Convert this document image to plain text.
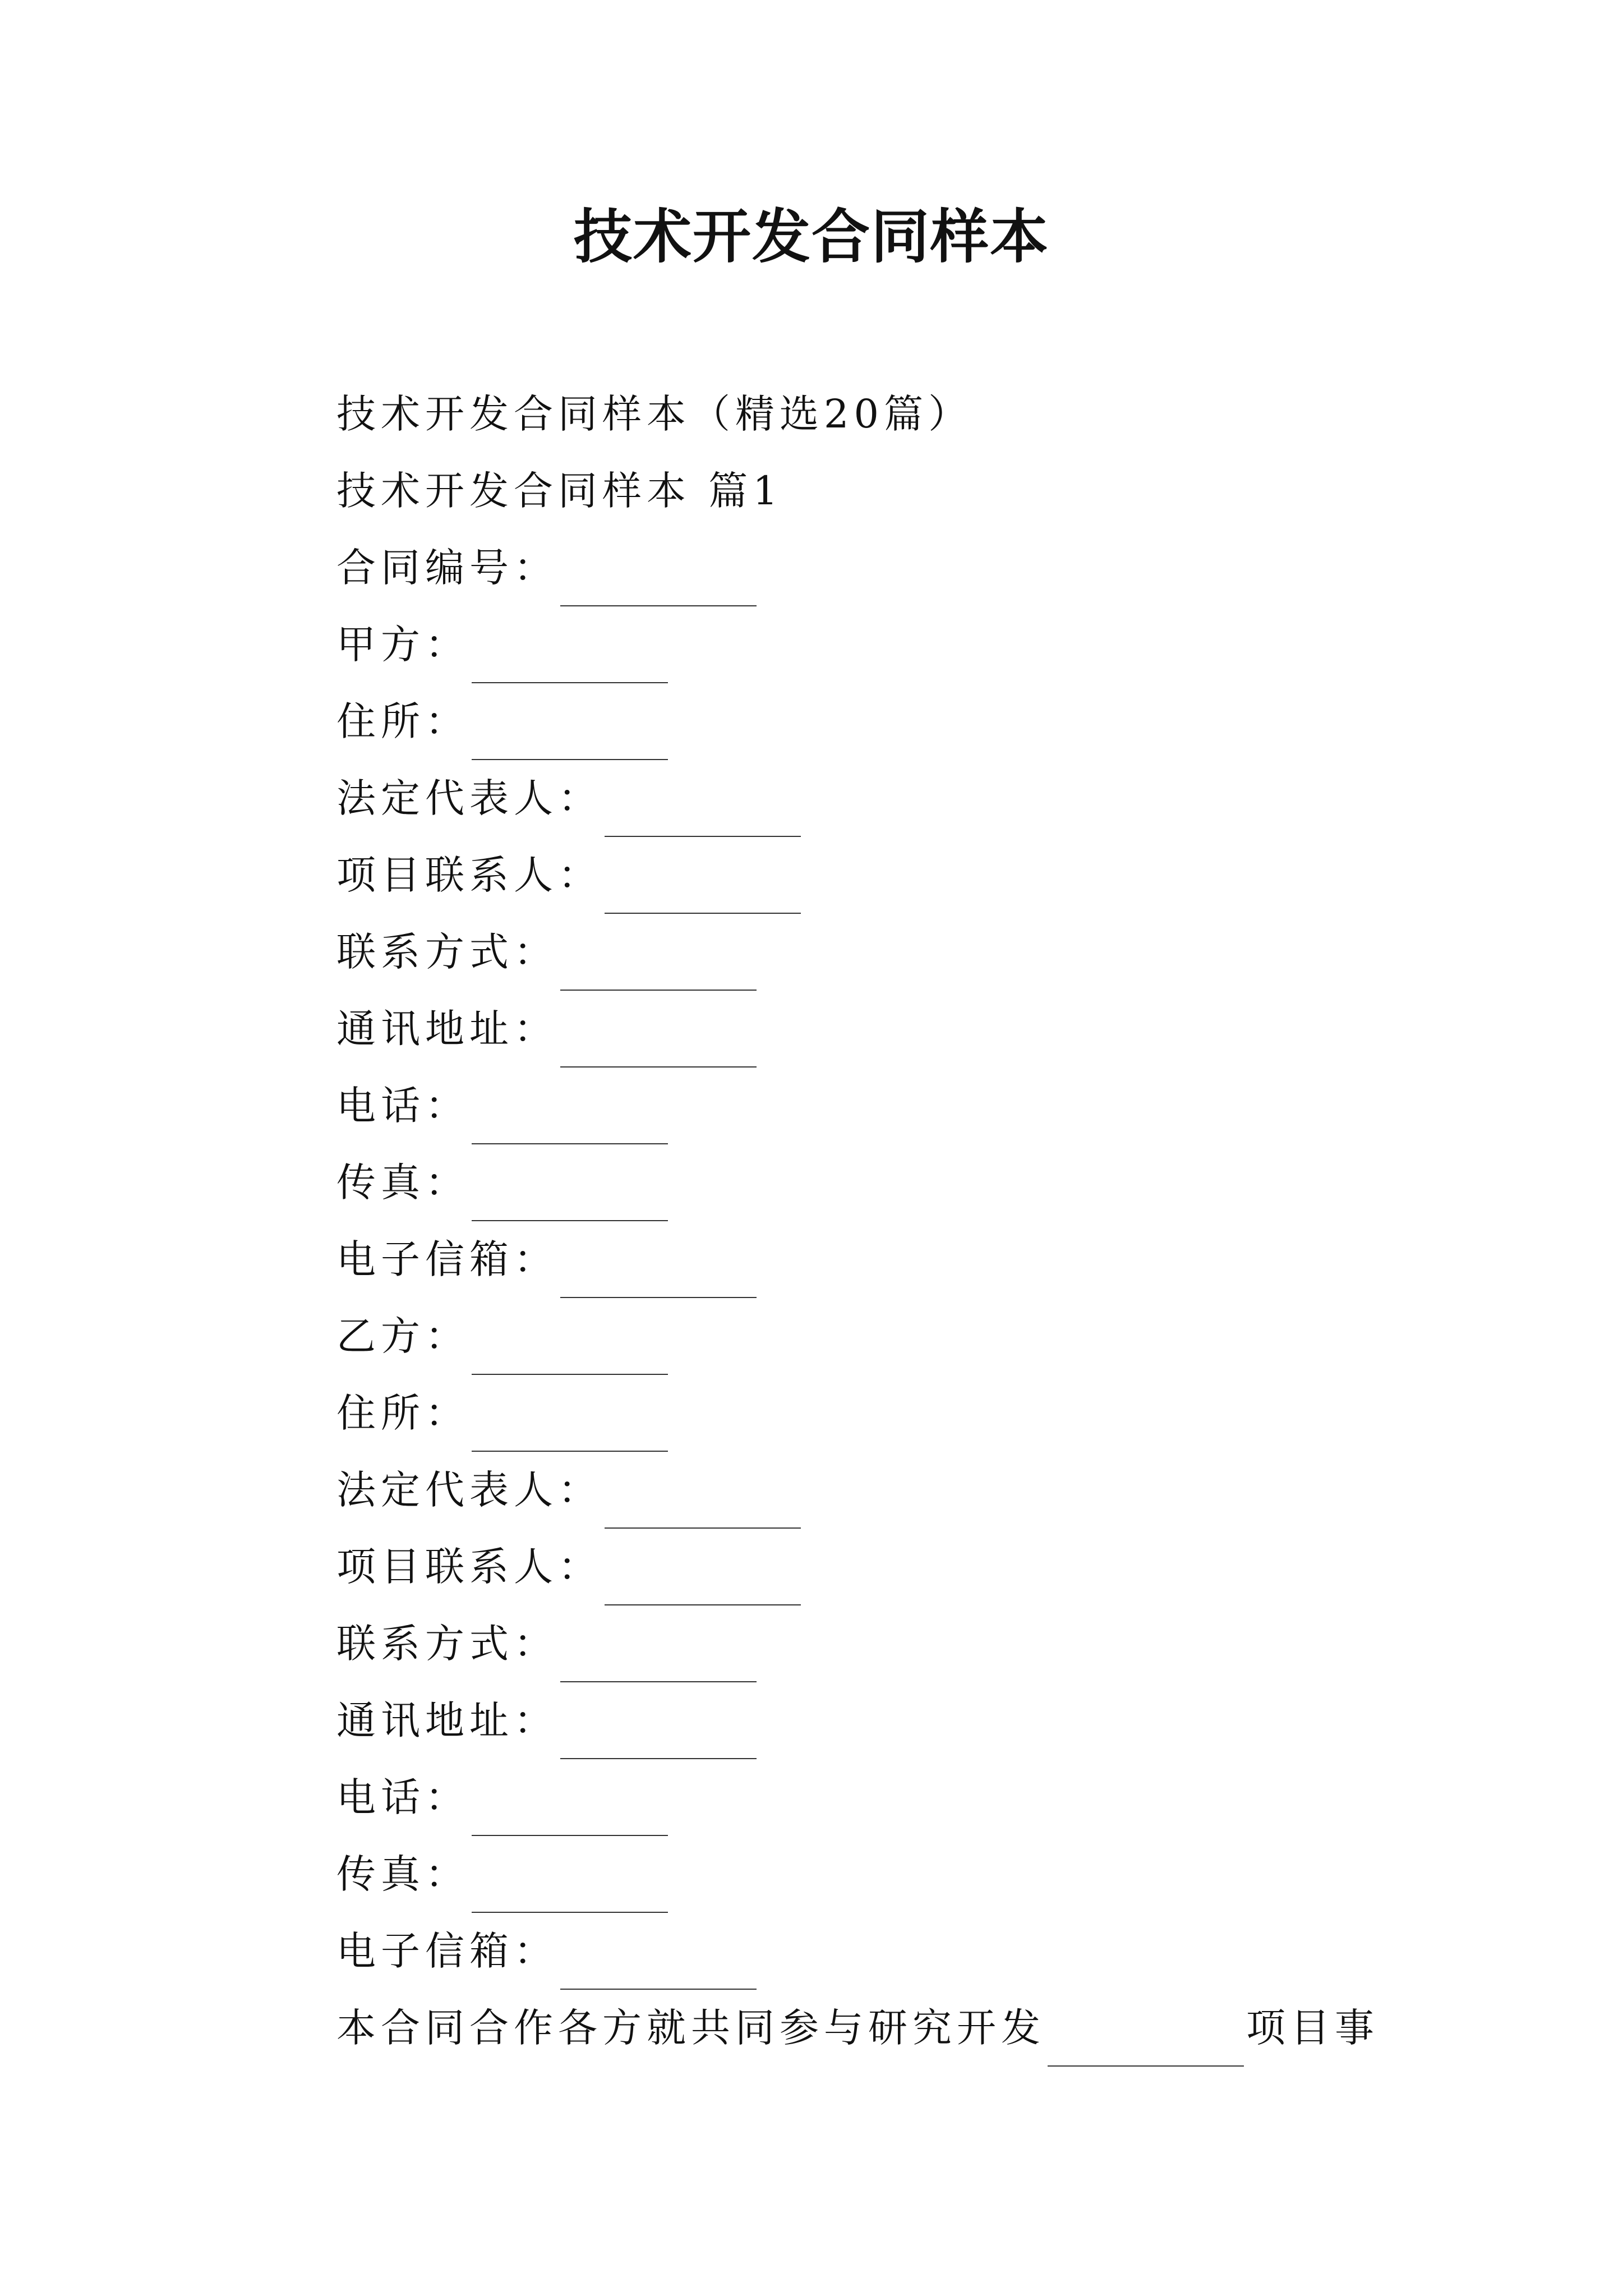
技术开发合同样本
技术开发合同样本（精选20篇）
技术开发合同样本 篇1
合同编号：
甲方：
住所：
法定代表人：
项目联系人：
联系方式：
通讯地址：
电话：
传真：
电子信箱：
乙方：
住所：
法定代表人：
项目联系人：
联系方式：
通讯地址：
电话：
传真：
电子信箱：
本合同合作各方就共同参与研究开发	项目事
